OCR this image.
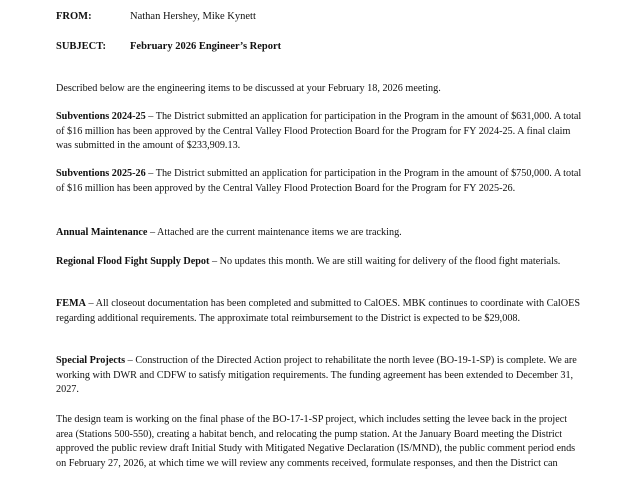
FROM:	Nathan Hershey, Mike Kynett
SUBJECT: February 2026 Engineer’s Report

Described below are the engineering items to be discussed at your February 18, 2026 meeting.

Subventions 2024-25 – The District submitted an application for participation in the Program in the amount of $631,000. A total of $16 million has been approved by the Central Valley Flood Protection Board for the Program for FY 2024-25. A final claim was submitted in the amount of $233,909.13.

Subventions 2025-26 – The District submitted an application for participation in the Program in the amount of $750,000. A total of $16 million has been approved by the Central Valley Flood Protection Board for the Program for FY 2025-26.

Annual Maintenance – Attached are the current maintenance items we are tracking.

Regional Flood Fight Supply Depot – No updates this month. We are still waiting for delivery of the flood fight materials.

FEMA – All closeout documentation has been completed and submitted to CalOES. MBK continues to coordinate with CalOES regarding additional requirements. The approximate total reimbursement to the District is expected to be $29,008.

Special Projects – Construction of the Directed Action project to rehabilitate the north levee (BO-19-1-SP) is complete. We are working with DWR and CDFW to satisfy mitigation requirements. The funding agreement has been extended to December 31, 2027.

The design team is working on the final phase of the BO-17-1-SP project, which includes setting the levee back in the project area (Stations 500-550), creating a habitat bench, and relocating the pump station. At the January Board meeting the District approved the public review draft Initial Study with Mitigated Negative Declaration (IS/MND), the public comment period ends on February 27, 2026, at which time we will review any comments received, formulate responses, and then the District can
